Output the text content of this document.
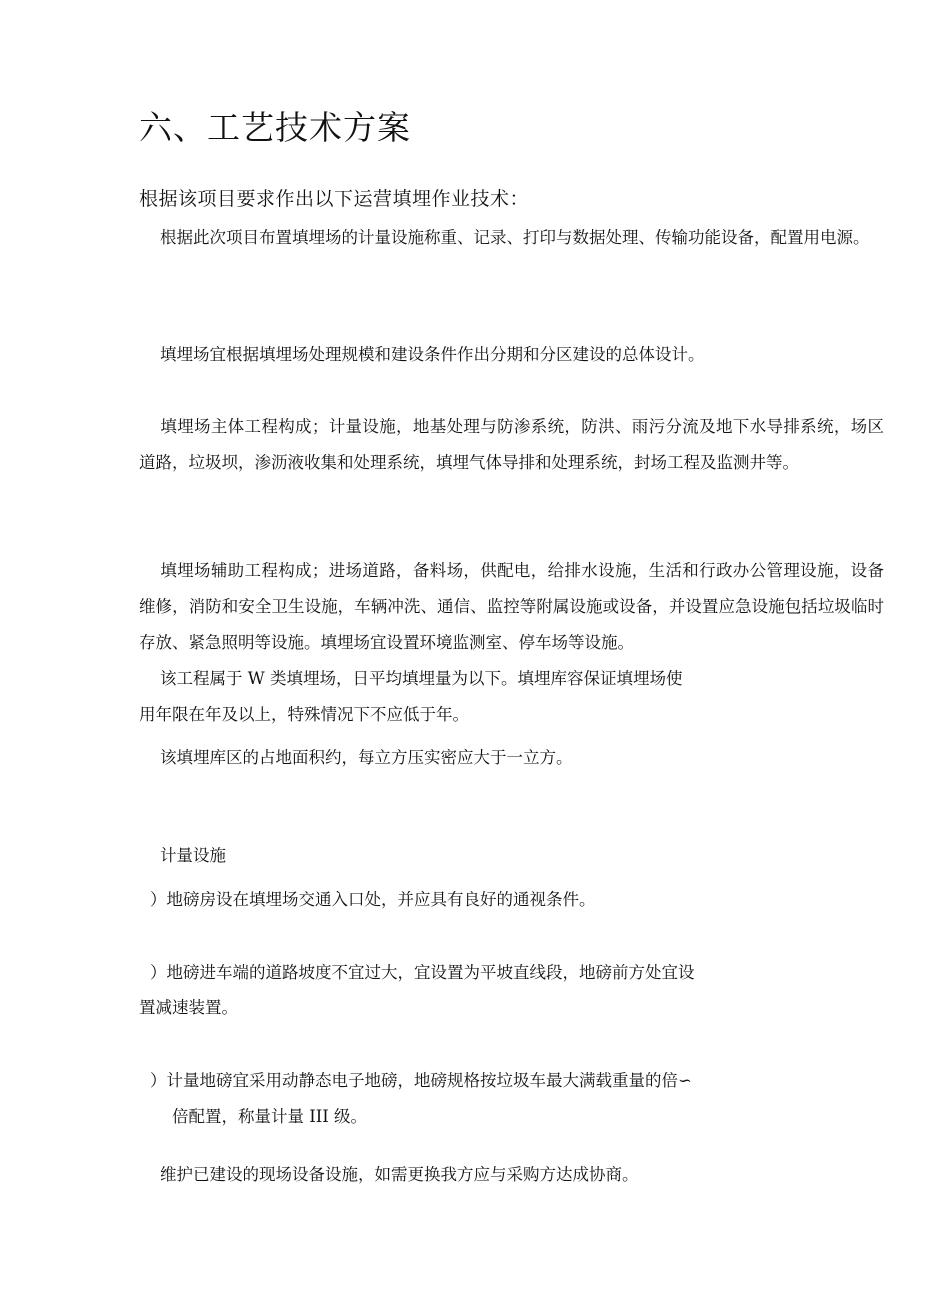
六、工艺技术方案

根据该项目要求作出以下运营填埋作业技术：

根据此次项目布置填埋场的计量设施称重、记录、打印与数据处理、传输功能设备，配置用电源。

填埋场宜根据填埋场处理规模和建设条件作出分期和分区建设的总体设计。

填埋场主体工程构成；计量设施，地基处理与防渗系统，防洪、雨污分流及地下水导排系统，场区道路，垃圾坝，渗沥液收集和处理系统，填埋气体导排和处理系统，封场工程及监测井等。

填埋场辅助工程构成；进场道路，备料场，供配电，给排水设施，生活和行政办公管理设施，设备维修，消防和安全卫生设施，车辆冲洗、通信、监控等附属设施或设备，并设置应急设施包括垃圾临时存放、紧急照明等设施。填埋场宜设置环境监测室、停车场等设施。

该工程属于 W 类填埋场，日平均填埋量为以下。填埋库容保证填埋场使

用年限在年及以上，特殊情况下不应低于年。

该填埋库区的占地面积约，每立方压实密应大于一立方。

计量设施

）地磅房设在填埋场交通入口处，并应具有良好的通视条件。

）地磅进车端的道路坡度不宜过大，宜设置为平坡直线段，地磅前方处宜设

置减速装置。

）计量地磅宜采用动静态电子地磅，地磅规格按垃圾车最大满载重量的倍∽

倍配置，称量计量 III 级。

维护已建设的现场设备设施，如需更换我方应与采购方达成协商。
